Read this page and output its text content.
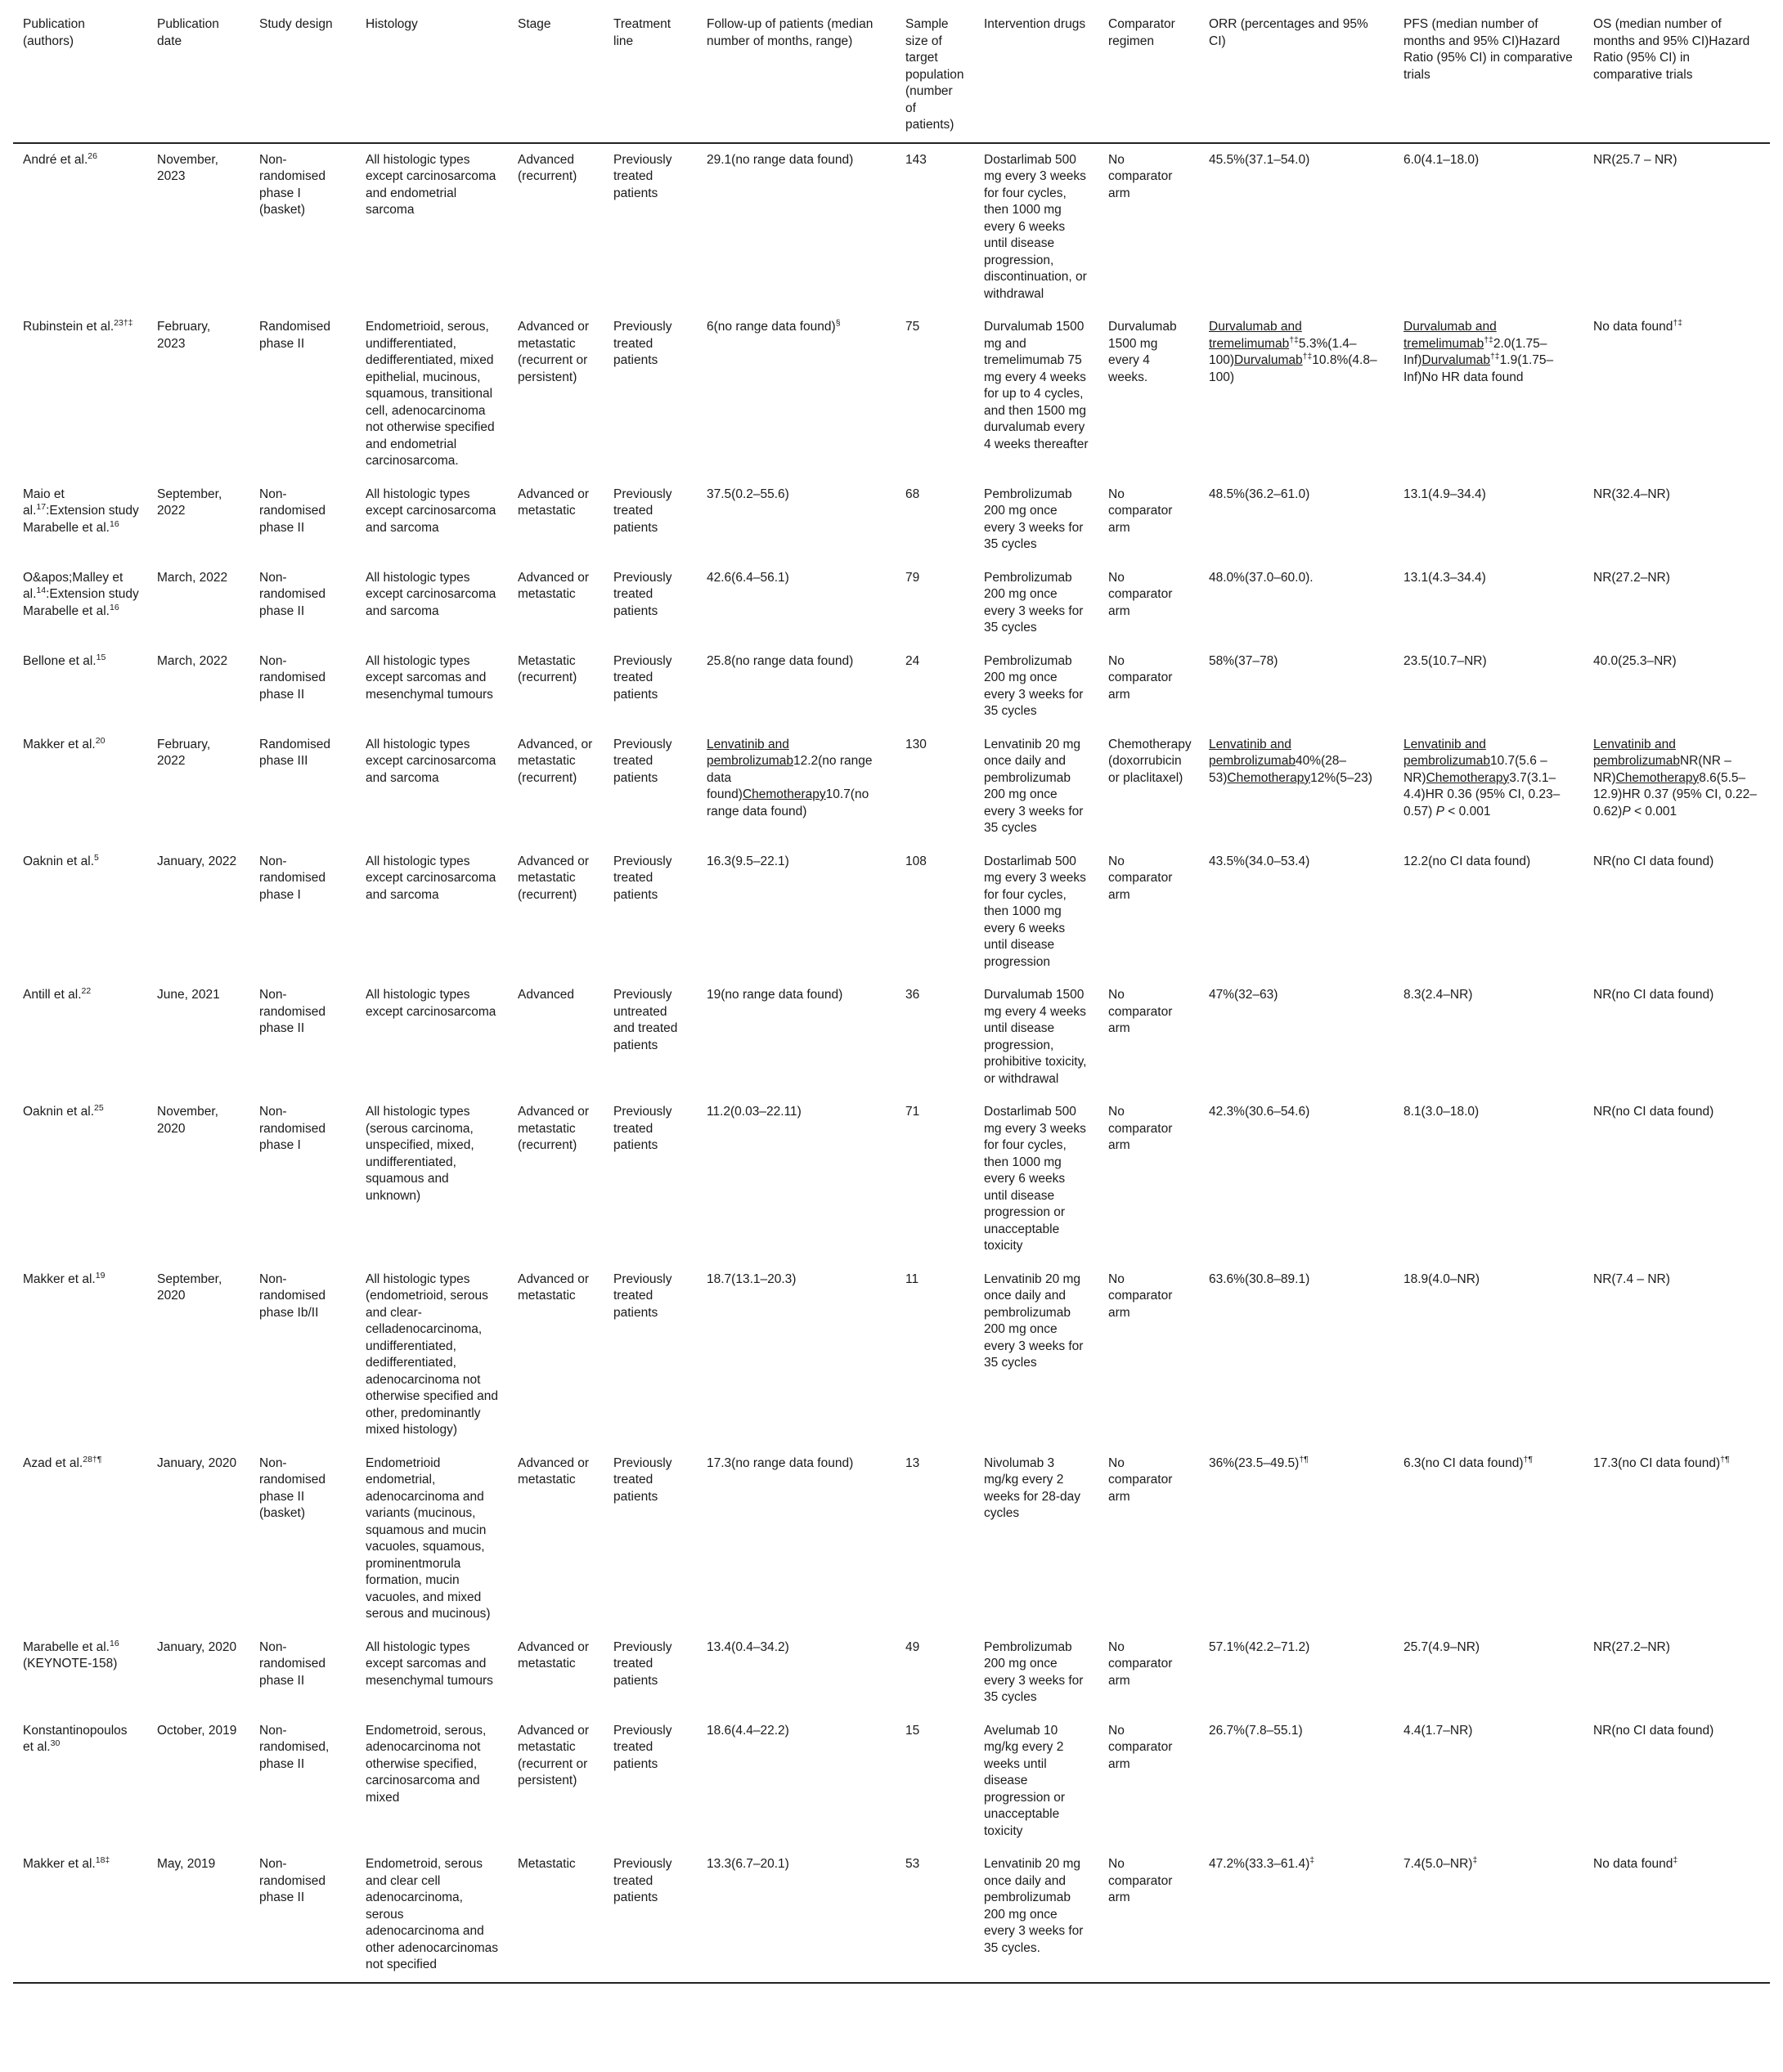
Publication (authors)	Publication date	Study design	Histology	Stage	Treatment line	Follow-up of patients (median number of months, range)	Sample size of target population (number of patients)	Intervention drugs	Comparator regimen	ORR (percentages and 95% CI)	PFS (median number of months and 95% CI)Hazard Ratio (95% CI) in comparative trials	OS (median number of months and 95% CI)Hazard Ratio (95% CI) in comparative trials
André et al.$^{26}$	November, 2023	Non-randomised phase I (basket)	All histologic types except carcinosarcoma and endometrial sarcoma	Advanced (recurrent)	Previously treated patients	29.1(no range data found)	143	Dostarlimab 500 mg every 3 weeks for four cycles, then 1000 mg every 6 weeks until disease progression, discontinuation, or withdrawal	No comparator arm	45.5%(37.1–54.0)	6.0(4.1–18.0)	NR(25.7 – NR)
Rubinstein et al.$^{23\dagger\ddagger}$	February, 2023	Randomised phase II	Endometrioid, serous, undifferentiated, dedifferentiated, mixed epithelial, mucinous, squamous, transitional cell, adenocarcinoma not otherwise specified and endometrial carcinosarcoma.	Advanced or metastatic (recurrent or persistent)	Previously treated patients	6(no range data found)§	75	Durvalumab 1500 mg and tremelimumab 75 mg every 4 weeks for up to 4 cycles, and then 1500 mg durvalumab every 4 weeks thereafter	Durvalumab 1500 mg every 4 weeks.	Durvalumab and tremelimumab†‡5.3%(1.4–100)Durvalumab†‡10.8%(4.8–100)	Durvalumab and tremelimumab†‡2.0(1.75–Inf)Durvalumab†‡1.9(1.75–Inf)No HR data found	No data found†‡
Maio et al.$^{17}$:Extension study Marabelle et al.$^{16}$	September, 2022	Non-randomised phase II	All histologic types except carcinosarcoma and sarcoma	Advanced or metastatic	Previously treated patients	37.5(0.2–55.6)	68	Pembrolizumab 200 mg once every 3 weeks for 35 cycles	No comparator arm	48.5%(36.2–61.0)	13.1(4.9–34.4)	NR(32.4–NR)
O&apos;Malley et al.$^{14}$:Extension study Marabelle et al.$^{16}$	March, 2022	Non-randomised phase II	All histologic types except carcinosarcoma and sarcoma	Advanced or metastatic	Previously treated patients	42.6(6.4–56.1)	79	Pembrolizumab 200 mg once every 3 weeks for 35 cycles	No comparator arm	48.0%(37.0–60.0).	13.1(4.3–34.4)	NR(27.2–NR)
Bellone et al.$^{15}$	March, 2022	Non-randomised phase II	All histologic types except sarcomas and mesenchymal tumours	Metastatic (recurrent)	Previously treated patients	25.8(no range data found)	24	Pembrolizumab 200 mg once every 3 weeks for 35 cycles	No comparator arm	58%(37–78)	23.5(10.7–NR)	40.0(25.3–NR)
Makker et al.$^{20}$	February, 2022	Randomised phase III	All histologic types except carcinosarcoma and sarcoma	Advanced, or metastatic (recurrent)	Previously treated patients	Lenvatinib and pembrolizumab12.2(no range data found)Chemotherapy10.7(no range data found)	130	Lenvatinib 20 mg once daily and pembrolizumab 200 mg once every 3 weeks for 35 cycles	Chemotherapy (doxorrubicin or placlitaxel)	Lenvatinib and pembrolizumab40%(28–53)Chemotherapy12%(5–23)	Lenvatinib and pembrolizumab10.7(5.6 – NR)Chemotherapy3.7(3.1–4.4)HR 0.36 (95% CI, 0.23–0.57) P < 0.001	Lenvatinib and pembrolizumabNR(NR – NR)Chemotherapy8.6(5.5–12.9)HR 0.37 (95% CI, 0.22–0.62)P < 0.001
Oaknin et al.$^5$	January, 2022	Non-randomised phase I	All histologic types except carcinosarcoma and sarcoma	Advanced or metastatic (recurrent)	Previously treated patients	16.3(9.5–22.1)	108	Dostarlimab 500 mg every 3 weeks for four cycles, then 1000 mg every 6 weeks until disease progression	No comparator arm	43.5%(34.0–53.4)	12.2(no CI data found)	NR(no CI data found)
Antill et al.$^{22}$	June, 2021	Non-randomised phase II	All histologic types except carcinosarcoma	Advanced	Previously untreated and treated patients	19(no range data found)	36	Durvalumab 1500 mg every 4 weeks until disease progression, prohibitive toxicity, or withdrawal	No comparator arm	47%(32–63)	8.3(2.4–NR)	NR(no CI data found)
Oaknin et al.$^{25}$	November, 2020	Non-randomised phase I	All histologic types (serous carcinoma, unspecified, mixed, undifferentiated, squamous and unknown)	Advanced or metastatic (recurrent)	Previously treated patients	11.2(0.03–22.11)	71	Dostarlimab 500 mg every 3 weeks for four cycles, then 1000 mg every 6 weeks until disease progression or unacceptable toxicity	No comparator arm	42.3%(30.6–54.6)	8.1(3.0–18.0)	NR(no CI data found)
Makker et al.$^{19}$	September, 2020	Non-randomised phase Ib/II	All histologic types (endometrioid, serous and clear-celladenocarcinoma, undifferentiated, dedifferentiated, adenocarcinoma not otherwise specified and other, predominantly mixed histology)	Advanced or metastatic	Previously treated patients	18.7(13.1–20.3)	11	Lenvatinib 20 mg once daily and pembrolizumab 200 mg once every 3 weeks for 35 cycles	No comparator arm	63.6%(30.8–89.1)	18.9(4.0–NR)	NR(7.4 – NR)
Azad et al.$^{28\dagger\P}$	January, 2020	Non-randomised phase II (basket)	Endometrioid endometrial, adenocarcinoma and variants (mucinous, squamous and mucin vacuoles, squamous, prominentmorula formation, mucin vacuoles, and mixed serous and mucinous)	Advanced or metastatic	Previously treated patients	17.3(no range data found)	13	Nivolumab 3 mg/kg every 2 weeks for 28-day cycles	No comparator arm	36%(23.5–49.5)†¶	6.3(no CI data found)†¶	17.3(no CI data found)†¶
Marabelle et al.$^{16}$ (KEYNOTE-158)	January, 2020	Non-randomised phase II	All histologic types except sarcomas and mesenchymal tumours	Advanced or metastatic	Previously treated patients	13.4(0.4–34.2)	49	Pembrolizumab 200 mg once every 3 weeks for 35 cycles	No comparator arm	57.1%(42.2–71.2)	25.7(4.9–NR)	NR(27.2–NR)
Konstantinopoulos et al.$^{30}$	October, 2019	Non-randomised, phase II	Endometroid, serous, adenocarcinoma not otherwise specified, carcinosarcoma and mixed	Advanced or metastatic (recurrent or persistent)	Previously treated patients	18.6(4.4–22.2)	15	Avelumab 10 mg/kg every 2 weeks until disease progression or unacceptable toxicity	No comparator arm	26.7%(7.8–55.1)	4.4(1.7–NR)	NR(no CI data found)
Makker et al.$^{18\ddagger}$	May, 2019	Non-randomised phase II	Endometroid, serous and clear cell adenocarcinoma, serous adenocarcinoma and other adenocarcinomas not specified	Metastatic	Previously treated patients	13.3(6.7–20.1)	53	Lenvatinib 20 mg once daily and pembrolizumab 200 mg once every 3 weeks for 35 cycles.	No comparator arm	47.2%(33.3–61.4)‡	7.4(5.0–NR)‡	No data found‡
